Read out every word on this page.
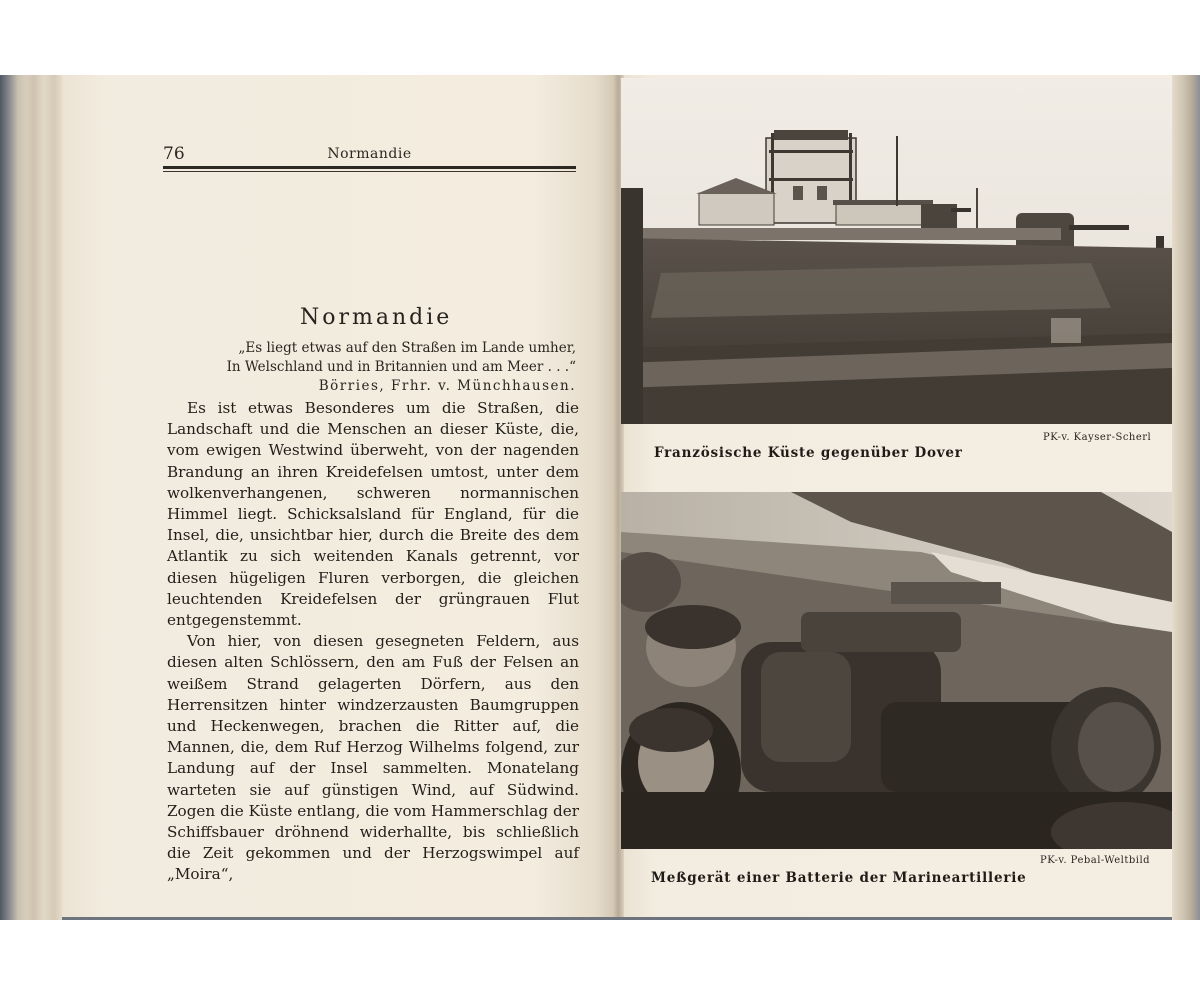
76	Normandie
Normandie
„Es liegt etwas auf den Straßen im Lande umher,
In Welschland und in Britannien und am Meer . . .“
Börries, Frhr. v. Münchhausen.

Es ist etwas Besonderes um die Straßen, die Landschaft und die Menschen an dieser Küste, die, vom ewigen Westwind überweht, von der nagenden Brandung an ihren Kreidefelsen umtost, unter dem wolkenverhangenen, schweren normannischen Himmel liegt. Schicksalsland für England, für die Insel, die, unsichtbar hier, durch die Breite des dem Atlantik zu sich weitenden Kanals getrennt, vor diesen hügeligen Fluren verborgen, die gleichen leuchtenden Kreidefelsen der grüngrauen Flut entgegenstemmt.

Von hier, von diesen gesegneten Feldern, aus diesen alten Schlössern, den am Fuß der Felsen an weißem Strand gelagerten Dörfern, aus den Herrensitzen hinter windzerzausten Baumgruppen und Heckenwegen, brachen die Ritter auf, die Mannen, die, dem Ruf Herzog Wilhelms folgend, zur Landung auf der Insel sammelten. Monatelang warteten sie auf günstigen Wind, auf Südwind. Zogen die Küste entlang, die vom Hammerschlag der Schiffsbauer dröhnend widerhallte, bis schließlich die Zeit gekommen und der Herzogswimpel auf „Moira“,

PK-v. Kayser-Scherl
Französische Küste gegenüber Dover
PK-v. Pebal-Weltbild
Meßgerät einer Batterie der Marineartillerie
